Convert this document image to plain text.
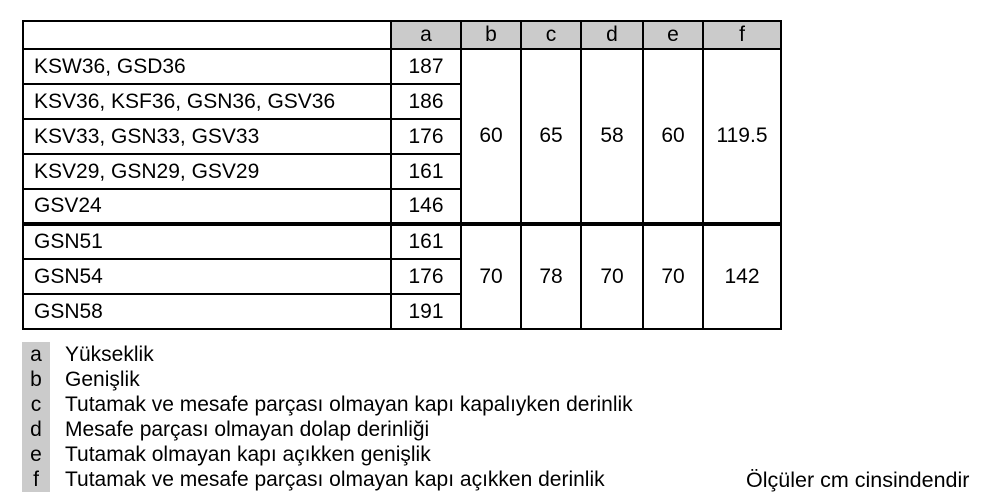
	a	b	c	d	e	f
KSW36, GSD36	187	60	65	58	60	119.5
KSV36, KSF36, GSN36, GSV36	186					
KSV33, GSN33, GSV33	176					
KSV29, GSN29, GSV29	161					
GSV24	146					
GSN51	161	70	78	70	70	142
GSN54	176					
GSN58	191					
a	Yükseklik
b	Genişlik
c	Tutamak ve mesafe parçası olmayan kapı kapalıyken derinlik
d	Mesafe parçası olmayan dolap derinliği
e	Tutamak olmayan kapı açıkken genişlik
f	Tutamak ve mesafe parçası olmayan kapı açıkken derinlik	Ölçüler cm cinsindendir
